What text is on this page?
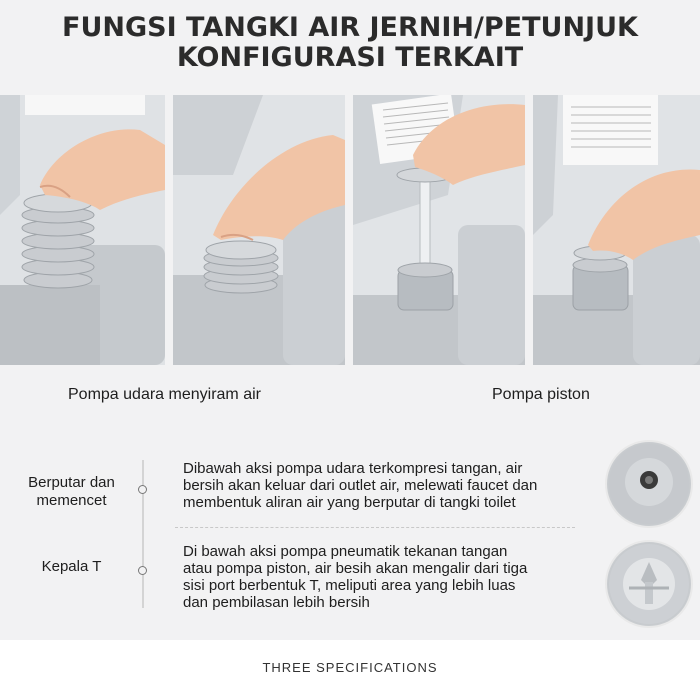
FUNGSI TANGKI AIR JERNIH/PETUNJUK
KONFIGURASI TERKAIT
Pompa udara menyiram air	Pompa piston
Berputar dan
memencet
Dibawah aksi pompa udara terkompresi tangan, air
bersih akan keluar dari outlet air, melewati faucet dan
membentuk aliran air yang berputar di tangki toilet
Kepala T
Di bawah aksi pompa pneumatik tekanan tangan
atau pompa piston, air besih akan mengalir dari tiga
sisi port berbentuk T, meliputi area yang lebih luas
dan pembilasan lebih bersih
THREE SPECIFICATIONS
